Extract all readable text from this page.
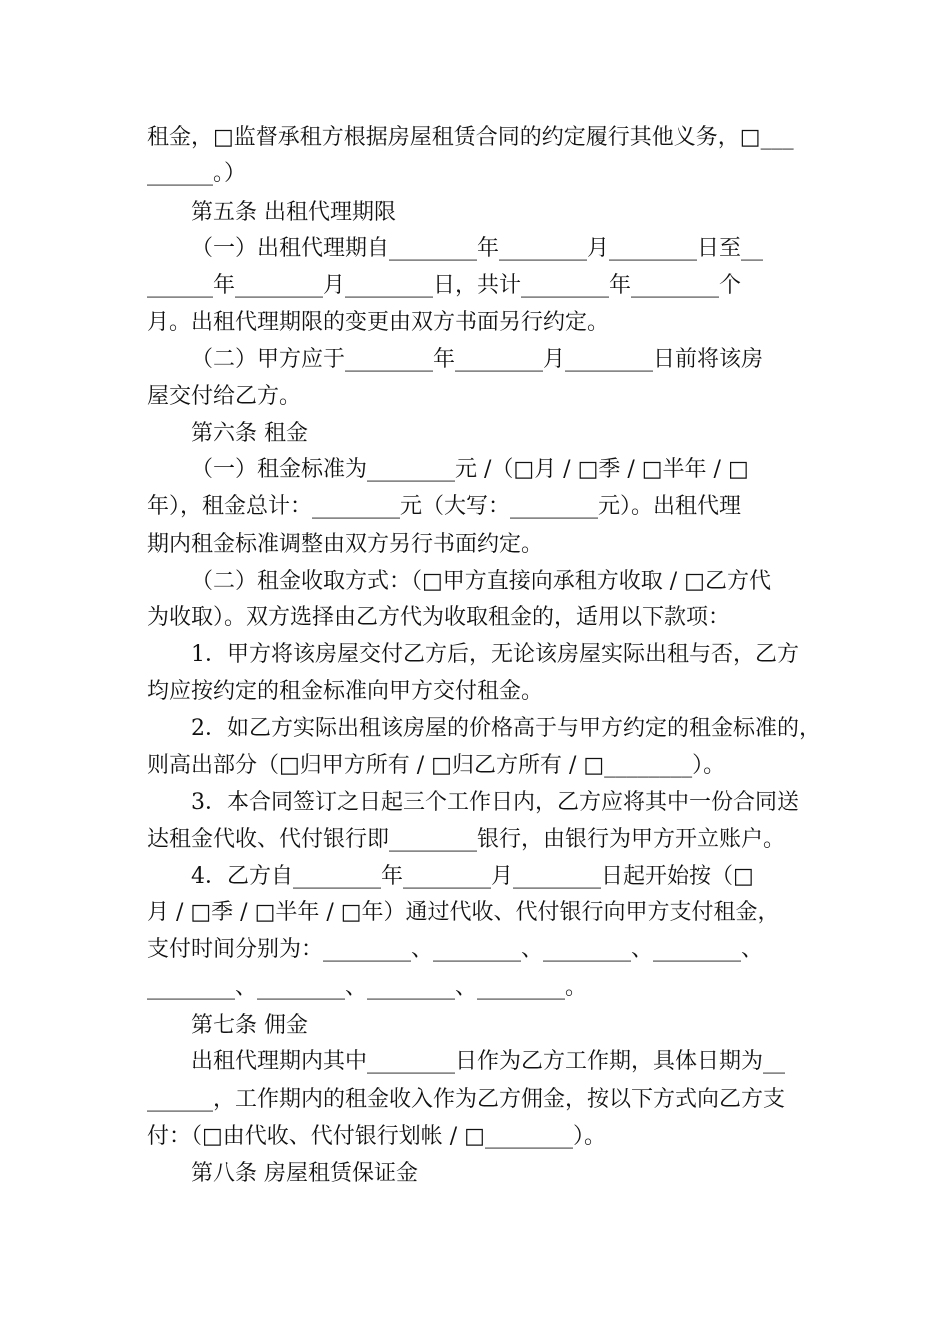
租金，□监督承租方根据房屋租赁合同的约定履行其他义务，□___
______。）
第五条 出租代理期限
（一）出租代理期自________年________月________日至__
______年________月________日，共计________年________个
月。出租代理期限的变更由双方书面另行约定。
（二）甲方应于________年________月________日前将该房
屋交付给乙方。
第六条 租金
（一）租金标准为________元 /（□月 / □季 / □半年 / □
年），租金总计：________元（大写：________元）。出租代理
期内租金标准调整由双方另行书面约定。
（二）租金收取方式：（□甲方直接向承租方收取 / □乙方代
为收取）。双方选择由乙方代为收取租金的，适用以下款项：
1．甲方将该房屋交付乙方后，无论该房屋实际出租与否，乙方
均应按约定的租金标准向甲方交付租金。
2．如乙方实际出租该房屋的价格高于与甲方约定的租金标准的，
则高出部分（□归甲方所有 / □归乙方所有 / □________）。
3．本合同签订之日起三个工作日内，乙方应将其中一份合同送
达租金代收、代付银行即________银行，由银行为甲方开立账户。
4．乙方自________年________月________日起开始按（□
月 / □季 / □半年 / □年）通过代收、代付银行向甲方支付租金，
支付时间分别为：________、________、________、________、
________、________、________、________。
第七条 佣金
出租代理期内其中________日作为乙方工作期，具体日期为__
______，工作期内的租金收入作为乙方佣金，按以下方式向乙方支
付：（□由代收、代付银行划帐 / □________）。
第八条 房屋租赁保证金
